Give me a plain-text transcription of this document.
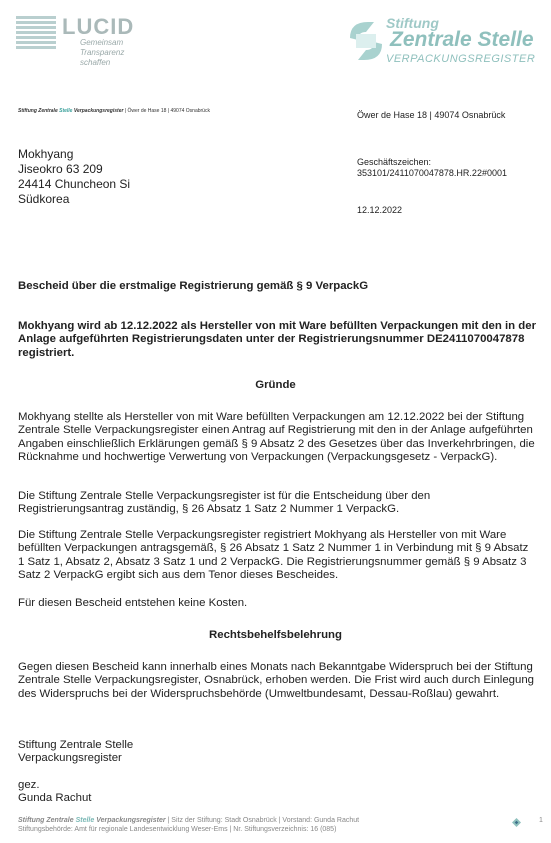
LUCID
Gemeinsam
Transparenz schaffen
Stiftung
Zentrale Stelle
VERPACKUNGSREGISTER
Stiftung Zentrale Stelle Verpackungsregister | Öwer de Hase 18 | 49074 Osnabrück	Öwer de Hase 18 | 49074 Osnabrück
Mokhyang
Jiseokro 63 209
24414 Chuncheon Si
Südkorea
Geschäftszeichen:
353101/2411070047878.HR.22#0001
12.12.2022
Bescheid über die erstmalige Registrierung gemäß § 9 VerpackG
Mokhyang wird ab 12.12.2022 als Hersteller von mit Ware befüllten Verpackungen mit den in der Anlage aufgeführten Registrierungsdaten unter der Registrierungsnummer DE2411070047878 registriert.
Gründe
Mokhyang stellte als Hersteller von mit Ware befüllten Verpackungen am 12.12.2022 bei der Stiftung Zentrale Stelle Verpackungsregister einen Antrag auf Registrierung mit den in der Anlage aufgeführten Angaben einschließlich Erklärungen gemäß § 9 Absatz 2 des Gesetzes über das Inverkehrbringen, die Rücknahme und hochwertige Verwertung von Verpackungen (Verpackungsgesetz - VerpackG).
Die Stiftung Zentrale Stelle Verpackungsregister ist für die Entscheidung über den Registrierungsantrag zuständig, § 26 Absatz 1 Satz 2 Nummer 1 VerpackG.
Die Stiftung Zentrale Stelle Verpackungsregister registriert Mokhyang als Hersteller von mit Ware befüllten Verpackungen antragsgemäß, § 26 Absatz 1 Satz 2 Nummer 1 in Verbindung mit § 9 Absatz 1 Satz 1, Absatz 2, Absatz 3 Satz 1 und 2 VerpackG. Die Registrierungsnummer gemäß § 9 Absatz 3 Satz 2 VerpackG ergibt sich aus dem Tenor dieses Bescheides.
Für diesen Bescheid entstehen keine Kosten.
Rechtsbehelfsbelehrung
Gegen diesen Bescheid kann innerhalb eines Monats nach Bekanntgabe Widerspruch bei der Stiftung Zentrale Stelle Verpackungsregister, Osnabrück, erhoben werden. Die Frist wird auch durch Einlegung des Widerspruchs bei der Widerspruchsbehörde (Umweltbundesamt, Dessau-Roßlau) gewahrt.
Stiftung Zentrale Stelle
Verpackungsregister
gez.
Gunda Rachut
Stiftung Zentrale Stelle Verpackungsregister | Sitz der Stiftung: Stadt Osnabrück | Vorstand: Gunda Rachut
Stiftungsbehörde: Amt für regionale Landesentwicklung Weser-Ems | Nr. Stiftungsverzeichnis: 16 (085)
1
